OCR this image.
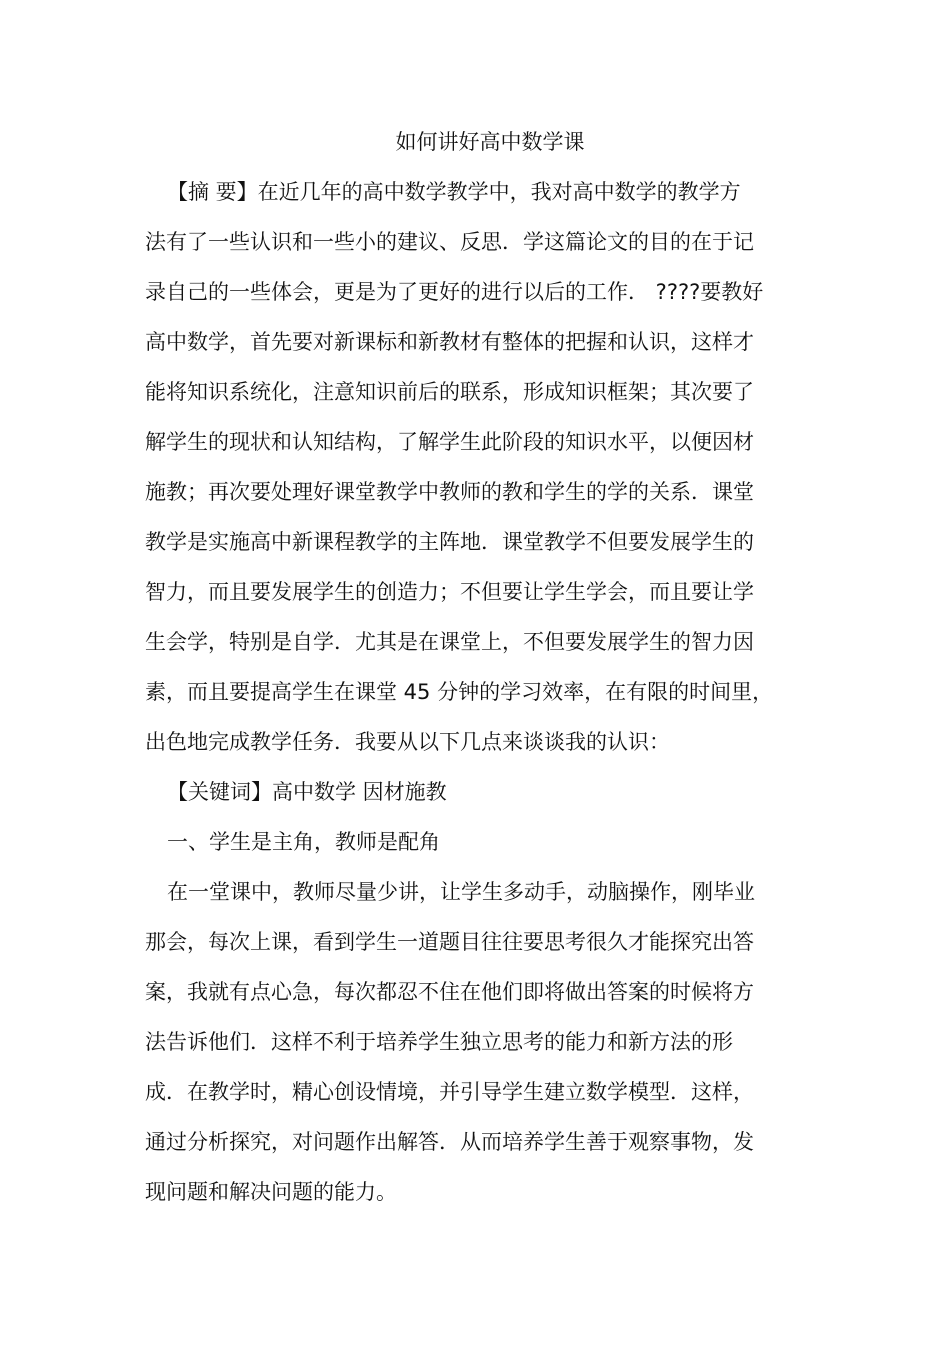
如何讲好高中数学课
【摘 要】在近几年的高中数学教学中，我对高中数学的教学方
法有了一些认识和一些小的建议、反思．学这篇论文的目的在于记
录自己的一些体会，更是为了更好的进行以后的工作． ????要教好
高中数学，首先要对新课标和新教材有整体的把握和认识，这样才
能将知识系统化，注意知识前后的联系，形成知识框架；其次要了
解学生的现状和认知结构，了解学生此阶段的知识水平，以便因材
施教；再次要处理好课堂教学中教师的教和学生的学的关系．课堂
教学是实施高中新课程教学的主阵地．课堂教学不但要发展学生的
智力，而且要发展学生的创造力；不但要让学生学会，而且要让学
生会学，特别是自学．尤其是在课堂上，不但要发展学生的智力因
素，而且要提高学生在课堂 45 分钟的学习效率，在有限的时间里，
出色地完成教学任务．我要从以下几点来谈谈我的认识：
【关键词】高中数学 因材施教
一、学生是主角，教师是配角
在一堂课中，教师尽量少讲，让学生多动手，动脑操作，刚毕业
那会，每次上课，看到学生一道题目往往要思考很久才能探究出答
案，我就有点心急，每次都忍不住在他们即将做出答案的时候将方
法告诉他们．这样不利于培养学生独立思考的能力和新方法的形
成．在教学时，精心创设情境，并引导学生建立数学模型．这样，
通过分析探究，对问题作出解答．从而培养学生善于观察事物，发
现问题和解决问题的能力。
